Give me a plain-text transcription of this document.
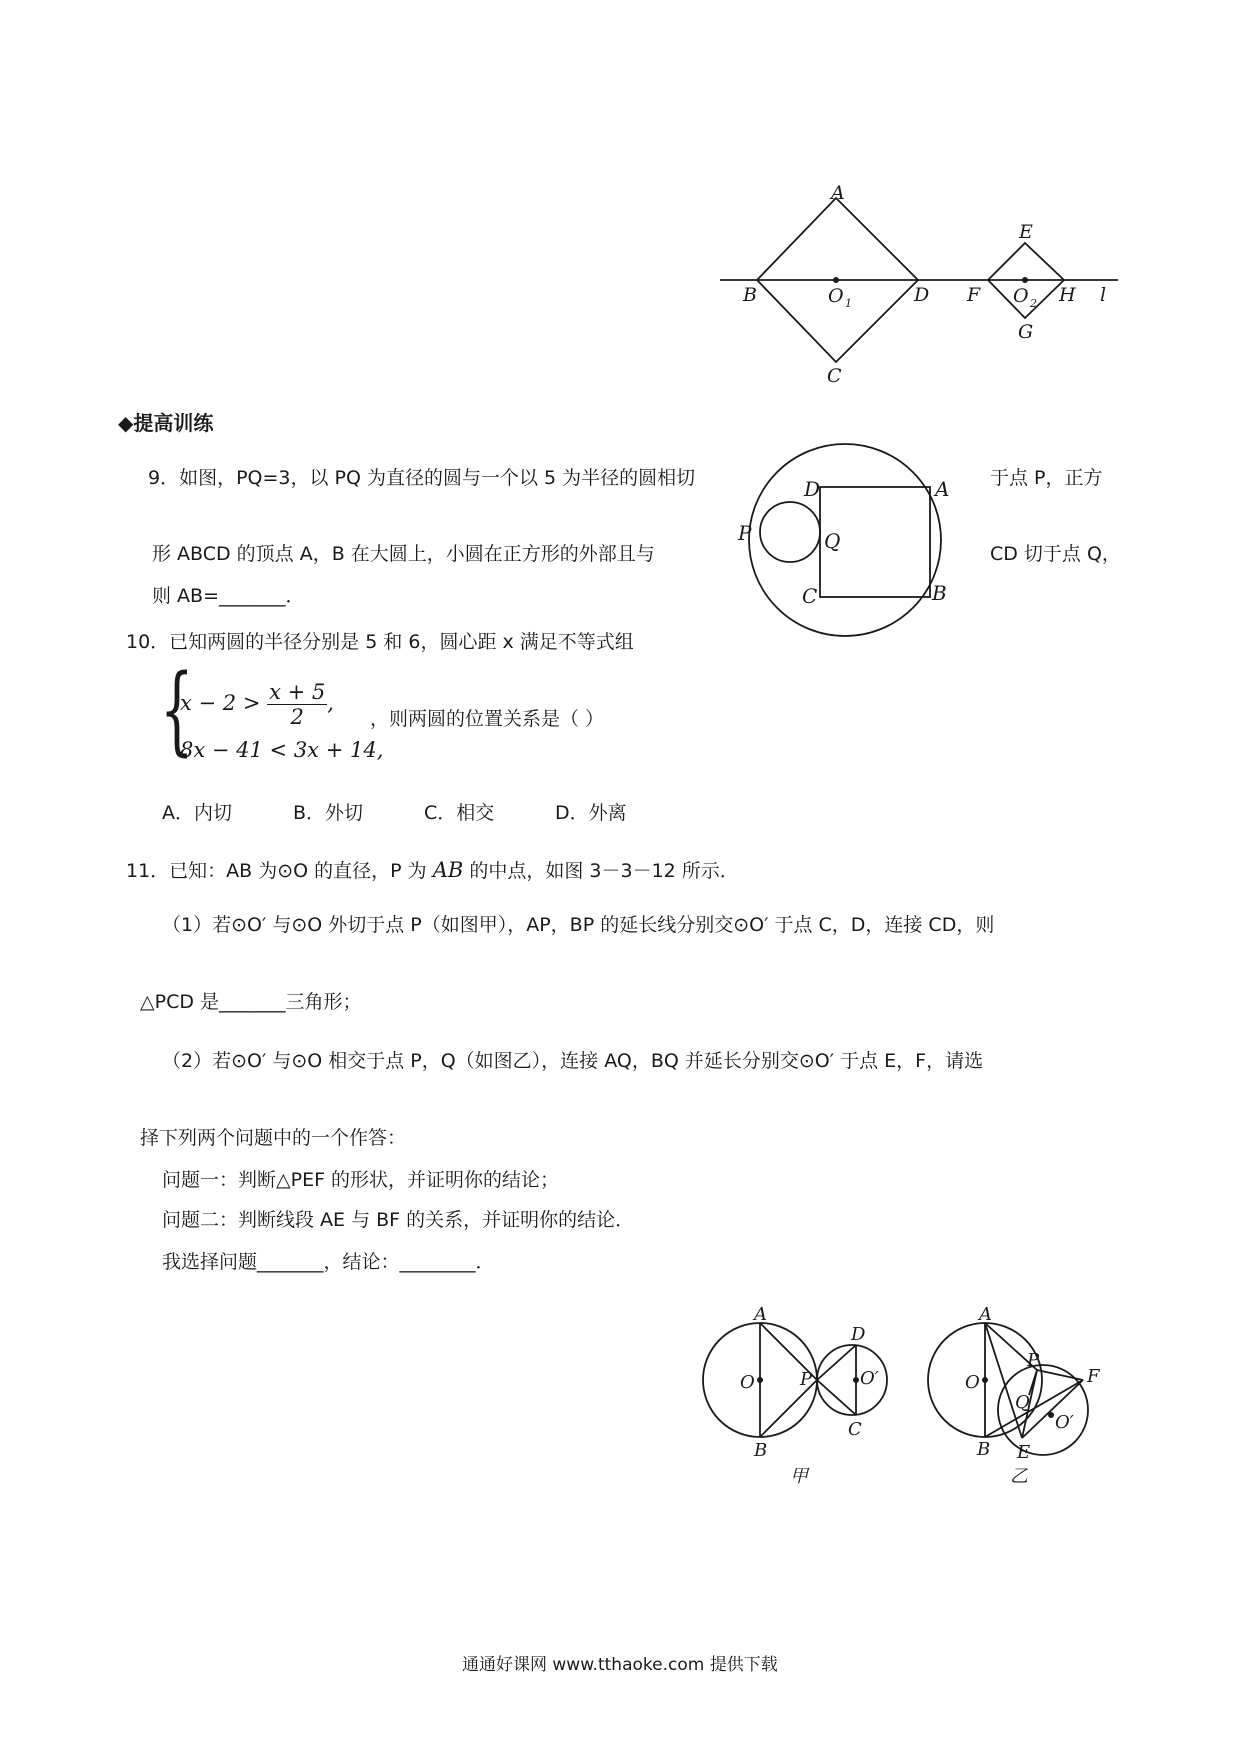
A
B
C
D
O 1
E
F O 2
G
H l
◆提高训练
9．如图，PQ=3，以 PQ 为直径的圆与一个以 5 为半径的圆相切	于点 P，正方
形 ABCD 的顶点 A，B 在大圆上，小圆在正方形的外部且与	CD 切于点 Q，
则 AB=_______．
D	A
P	Q
C	B
10．已知两圆的半径分别是 5 和 6，圆心距 x 满足不等式组
{
$x - 2 > \frac{x + 5}{2}$ ,
8x − 41 < 3x + 14,
，则两圆的位置关系是（ ）
A．内切	B．外切	C．相交	D．外离
11．已知：AB 为⊙O 的直径，P 为 AB 的中点，如图 3－3－12 所示．
（1）若⊙O′ 与⊙O 外切于点 P（如图甲），AP，BP 的延长线分别交⊙O′ 于点 C，D，连接 CD，则
△PCD 是_______三角形；
（2）若⊙O′ 与⊙O 相交于点 P，Q（如图乙），连接 AQ，BQ 并延长分别交⊙O′ 于点 E，F，请选
择下列两个问题中的一个作答：
问题一：判断△PEF 的形状，并证明你的结论；
问题二：判断线段 AE 与 BF 的关系，并证明你的结论．
我选择问题_______，结论：________．
A
O
B
P
D
O′
C
甲
A
O
B
P
Q
E
F
O′
乙
通通好课网 www.tthaoke.com 提供下载
